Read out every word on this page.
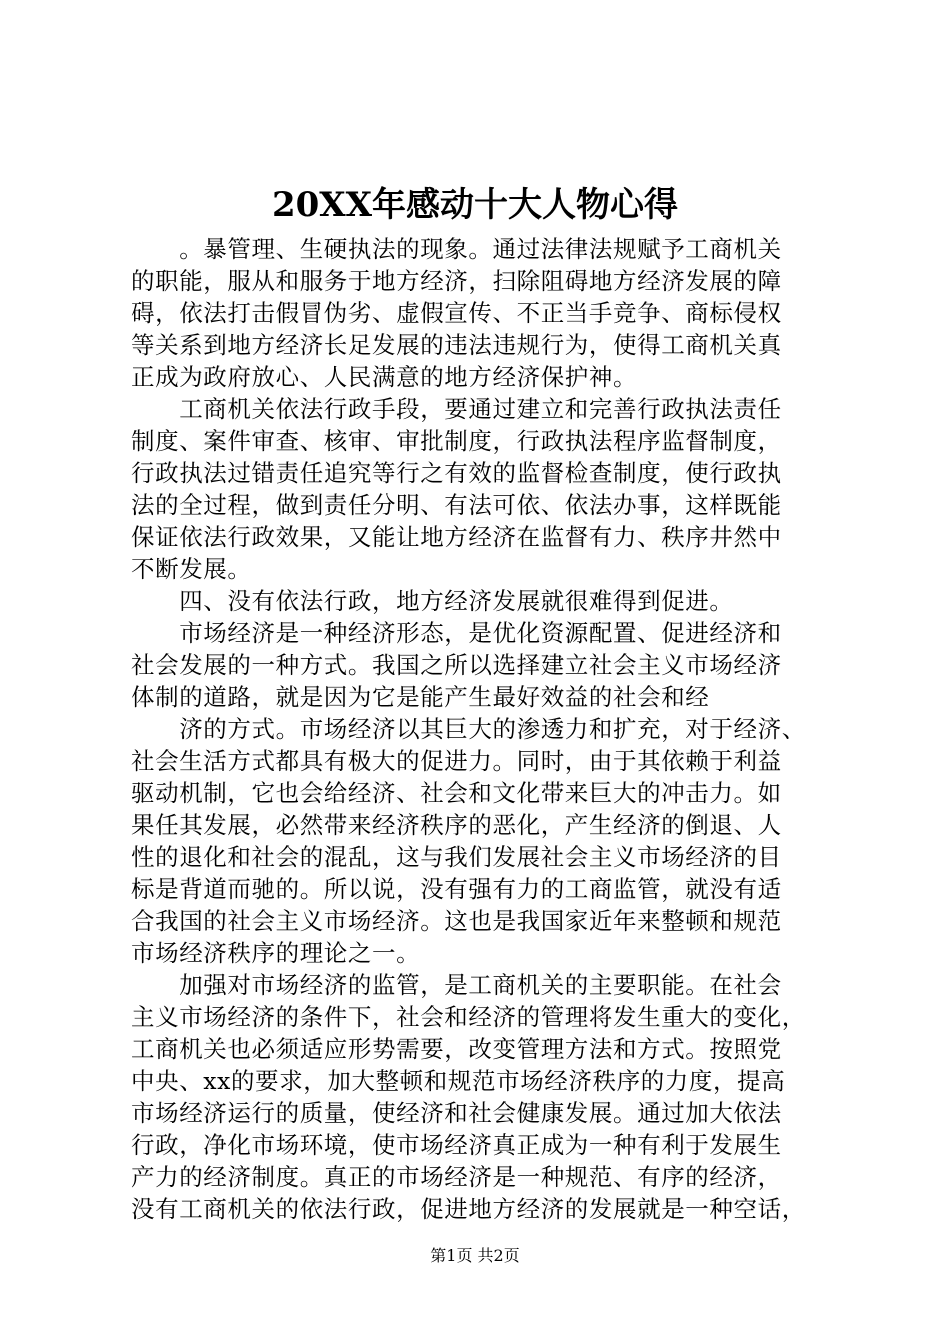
20XX年感动十大人物心得
　　。暴管理、生硬执法的现象。通过法律法规赋予工商机关
的职能，服从和服务于地方经济，扫除阻碍地方经济发展的障
碍，依法打击假冒伪劣、虚假宣传、不正当手竞争、商标侵权
等关系到地方经济长足发展的违法违规行为，使得工商机关真
正成为政府放心、人民满意的地方经济保护神。
　　工商机关依法行政手段，要通过建立和完善行政执法责任
制度、案件审查、核审、审批制度，行政执法程序监督制度，
行政执法过错责任追究等行之有效的监督检查制度，使行政执
法的全过程，做到责任分明、有法可依、依法办事，这样既能
保证依法行政效果，又能让地方经济在监督有力、秩序井然中
不断发展。
　　四、没有依法行政，地方经济发展就很难得到促进。
　　市场经济是一种经济形态，是优化资源配置、促进经济和
社会发展的一种方式。我国之所以选择建立社会主义市场经济
体制的道路，就是因为它是能产生最好效益的社会和经
　　济的方式。市场经济以其巨大的渗透力和扩充，对于经济、
社会生活方式都具有极大的促进力。同时，由于其依赖于利益
驱动机制，它也会给经济、社会和文化带来巨大的冲击力。如
果任其发展，必然带来经济秩序的恶化，产生经济的倒退、人
性的退化和社会的混乱，这与我们发展社会主义市场经济的目
标是背道而驰的。所以说，没有强有力的工商监管，就没有适
合我国的社会主义市场经济。这也是我国家近年来整顿和规范
市场经济秩序的理论之一。
　　加强对市场经济的监管，是工商机关的主要职能。在社会
主义市场经济的条件下，社会和经济的管理将发生重大的变化，
工商机关也必须适应形势需要，改变管理方法和方式。按照党
中央、xx的要求，加大整顿和规范市场经济秩序的力度，提高
市场经济运行的质量，使经济和社会健康发展。通过加大依法
行政，净化市场环境，使市场经济真正成为一种有利于发展生
产力的经济制度。真正的市场经济是一种规范、有序的经济，
没有工商机关的依法行政，促进地方经济的发展就是一种空话，
第1页 共2页
